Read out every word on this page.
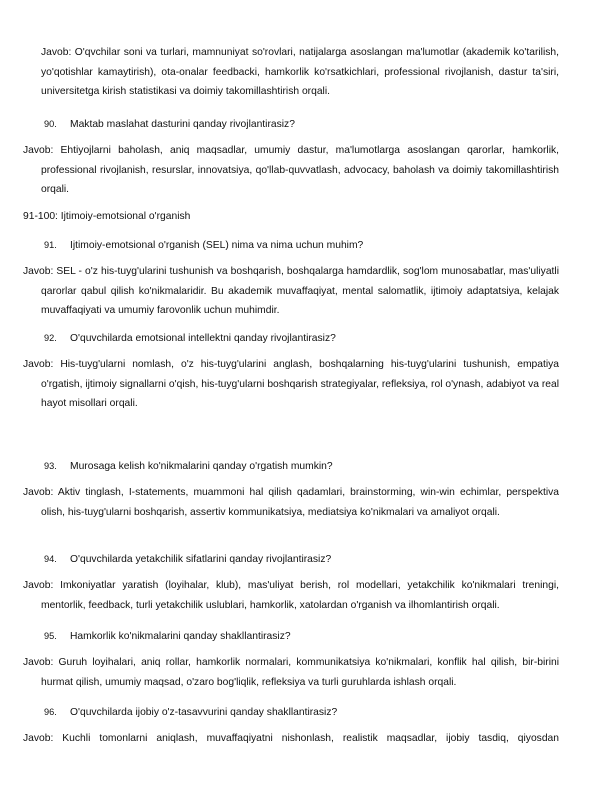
Javob: O'qvchilar soni va turlari, mamnuniyat so'rovlari, natijalarga asoslangan ma'lumotlar (akademik ko'tarilish, yo'qotishlar kamaytirish), ota-onalar feedbacki, hamkorlik ko'rsatkichlari, professional rivojlanish, dastur ta'siri, universitetga kirish statistikasi va doimiy takomillashtirish orqali.

90. Maktab maslahat dasturini qanday rivojlantirasiz?

Javob: Ehtiyojlarni baholash, aniq maqsadlar, umumiy dastur, ma'lumotlarga asoslangan qarorlar, hamkorlik, professional rivojlanish, resurslar, innovatsiya, qo'llab-quvvatlash, advocacy, baholash va doimiy takomillashtirish orqali.

91-100: Ijtimoiy-emotsional o'rganish
91. Ijtimoiy-emotsional o'rganish (SEL) nima va nima uchun muhim?

Javob: SEL - o'z his-tuyg'ularini tushunish va boshqarish, boshqalarga hamdardlik, sog'lom munosabatlar, mas'uliyatli qarorlar qabul qilish ko'nikmalaridir. Bu akademik muvaffaqiyat, mental salomatlik, ijtimoiy adaptatsiya, kelajak muvaffaqiyati va umumiy farovonlik uchun muhimdir.

92. O'quvchilarda emotsional intellektni qanday rivojlantirasiz?

Javob: His-tuyg'ularni nomlash, o'z his-tuyg'ularini anglash, boshqalarning his-tuyg'ularini tushunish, empatiya o'rgatish, ijtimoiy signallarni o'qish, his-tuyg'ularni boshqarish strategiyalar, refleksiya, rol o'ynash, adabiyot va real hayot misollari orqali.

93. Murosaga kelish ko'nikmalarini qanday o'rgatish mumkin?

Javob: Aktiv tinglash, I-statements, muammoni hal qilish qadamlari, brainstorming, win-win echimlar, perspektiva olish, his-tuyg'ularni boshqarish, assertiv kommunikatsiya, mediatsiya ko'nikmalari va amaliyot orqali.

94. O'quvchilarda yetakchilik sifatlarini qanday rivojlantirasiz?

Javob: Imkoniyatlar yaratish (loyihalar, klub), mas'uliyat berish, rol modellari, yetakchilik ko'nikmalari treningi, mentorlik, feedback, turli yetakchilik uslublari, hamkorlik, xatolardan o'rganish va ilhomlantirish orqali.

95. Hamkorlik ko'nikmalarini qanday shakllantirasiz?

Javob: Guruh loyihalari, aniq rollar, hamkorlik normalari, kommunikatsiya ko'nikmalari, konflik hal qilish, bir-birini hurmat qilish, umumiy maqsad, o'zaro bog'liqlik, refleksiya va turli guruhlarda ishlash orqali.

96. O'quvchilarda ijobiy o'z-tasavvurini qanday shakllantirasiz?

Javob: Kuchli tomonlarni aniqlash, muvaffaqiyatni nishonlash, realistik maqsadlar, ijobiy tasdiq, qiyosdan
